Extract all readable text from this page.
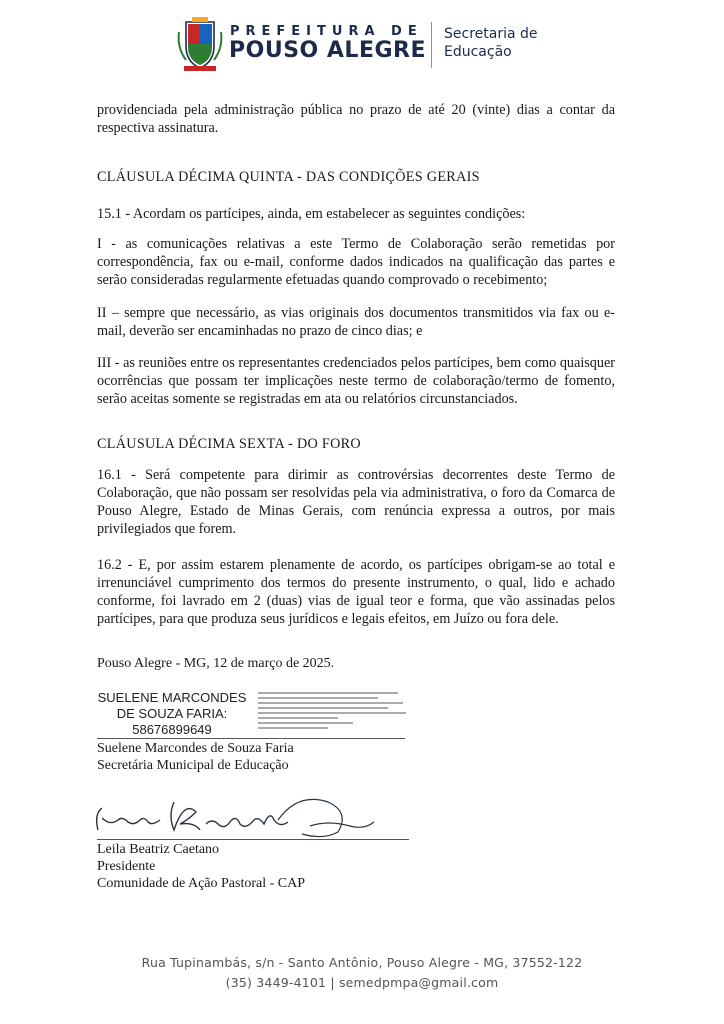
PREFEITURA DE
POUSO ALEGRE
Secretaria de
Educação

providenciada pela administração pública no prazo de até 20 (vinte) dias a contar da respectiva assinatura.

CLÁUSULA DÉCIMA QUINTA - DAS CONDIÇÕES GERAIS

15.1 - Acordam os partícipes, ainda, em estabelecer as seguintes condições:

I - as comunicações relativas a este Termo de Colaboração serão remetidas por correspondência, fax ou e-mail, conforme dados indicados na qualificação das partes e serão consideradas regularmente efetuadas quando comprovado o recebimento;

II – sempre que necessário, as vias originais dos documentos transmitidos via fax ou e-mail, deverão ser encaminhadas no prazo de cinco dias; e

III - as reuniões entre os representantes credenciados pelos partícipes, bem como quaisquer ocorrências que possam ter implicações neste termo de colaboração/termo de fomento, serão aceitas somente se registradas em ata ou relatórios circunstanciados.

CLÁUSULA DÉCIMA SEXTA - DO FORO

16.1 - Será competente para dirimir as controvérsias decorrentes deste Termo de Colaboração, que não possam ser resolvidas pela via administrativa, o foro da Comarca de Pouso Alegre, Estado de Minas Gerais, com renúncia expressa a outros, por mais privilegiados que forem.

16.2 - E, por assim estarem plenamente de acordo, os partícipes obrigam-se ao total e irrenunciável cumprimento dos termos do presente instrumento, o qual, lido e achado conforme, foi lavrado em 2 (duas) vias de igual teor e forma, que vão assinadas pelos partícipes, para que produza seus jurídicos e legais efeitos, em Juízo ou fora dele.

Pouso Alegre - MG, 12 de março de 2025.

SUELENE MARCONDES
DE SOUZA FARIA:
58676899649

Suelene Marcondes de Souza Faria

Secretária Municipal de Educação

Leila Beatriz Caetano

Presidente

Comunidade de Ação Pastoral - CAP

Rua Tupinambás, s/n - Santo Antônio, Pouso Alegre - MG, 37552-122
(35) 3449-4101 | semedpmpa@gmail.com
